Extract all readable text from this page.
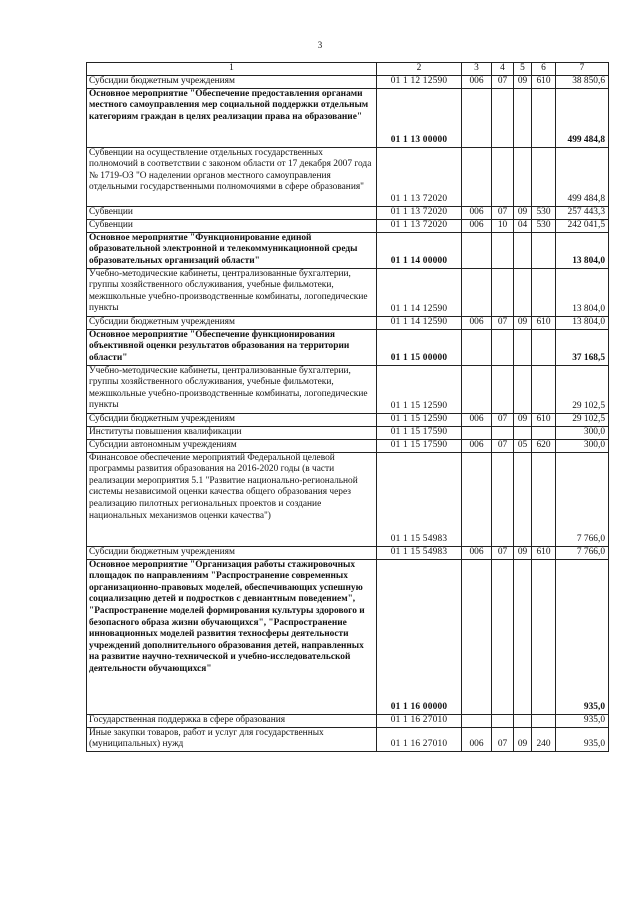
3
1	2	3	4	5	6	7
Субсидии бюджетным учреждениям	01 1 12 12590	006	07	09	610	38 850,6
Основное мероприятие "Обеспечение предоставления органами местного самоуправления мер социальной поддержки отдельным категориям граждан в целях реализации права на образование"	01 1 13 00000					499 484,8
Субвенции на осуществление отдельных государственных полномочий в соответствии с законом области от 17 декабря 2007 года № 1719-ОЗ "О наделении органов местного самоуправления отдельными государственными полномочиями в сфере образования"	01 1 13 72020					499 484,8
Субвенции	01 1 13 72020	006	07	09	530	257 443,3
Субвенции	01 1 13 72020	006	10	04	530	242 041,5
Основное мероприятие "Функционирование единой образовательной электронной и телекоммуникационной среды образовательных организаций области"	01 1 14 00000					13 804,0
Учебно-методические кабинеты, централизованные бухгалтерии, группы хозяйственного обслуживания, учебные фильмотеки, межшкольные учебно-производственные комбинаты, логопедические пункты	01 1 14 12590					13 804,0
Субсидии бюджетным учреждениям	01 1 14 12590	006	07	09	610	13 804,0
Основное мероприятие "Обеспечение функционирования объективной оценки результатов образования на территории области"	01 1 15 00000					37 168,5
Учебно-методические кабинеты, централизованные бухгалтерии, группы хозяйственного обслуживания, учебные фильмотеки, межшкольные учебно-производственные комбинаты, логопедические пункты	01 1 15 12590					29 102,5
Субсидии бюджетным учреждениям	01 1 15 12590	006	07	09	610	29 102,5
Институты повышения квалификации	01 1 15 17590					300,0
Субсидии автономным учреждениям	01 1 15 17590	006	07	05	620	300,0
Финансовое обеспечение мероприятий Федеральной целевой программы развития образования на 2016-2020 годы (в части реализации мероприятия 5.1 "Развитие национально-региональной системы независимой оценки качества общего образования через реализацию пилотных региональных проектов и создание национальных механизмов оценки качества")	01 1 15 54983					7 766,0
Субсидии бюджетным учреждениям	01 1 15 54983	006	07	09	610	7 766,0
Основное мероприятие "Организация работы стажировочных площадок по направлениям "Распространение современных организационно-правовых моделей, обеспечивающих успешную социализацию детей и подростков с девиантным поведением", "Распространение моделей формирования культуры здорового и безопасного образа жизни обучающихся", "Распространение инновационных моделей развития техносферы деятельности учреждений дополнительного образования детей, направленных на развитие научно-технической и учебно-исследовательской деятельности обучающихся"	01 1 16 00000					935,0
Государственная поддержка в сфере образования	01 1 16 27010					935,0
Иные закупки товаров, работ и услуг для государственных (муниципальных) нужд	01 1 16 27010	006	07	09	240	935,0
